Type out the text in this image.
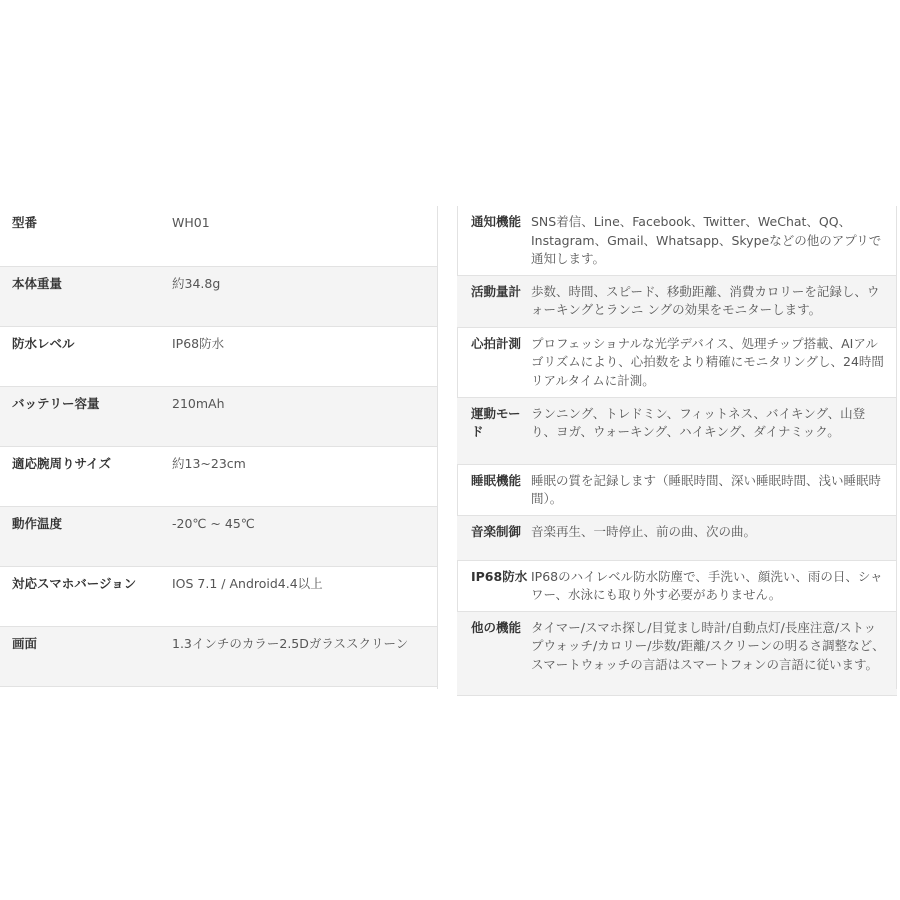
型番	WH01
本体重量	約34.8g
防水レベル	IP68防水
バッテリー容量	210mAh
適応腕周りサイズ	約13~23cm
動作温度	-20℃ ~ 45℃
対応スマホバージョン	IOS 7.1 / Android4.4以上
画面	1.3インチのカラー2.5Dガラススクリーン
通知機能	SNS着信、Line、Facebook、Twitter、WeChat、QQ、Instagram、Gmail、Whatsapp、Skypeなどの他のアプリで通知します。
活動量計	歩数、時間、スピード、移動距離、消費カロリーを記録し、ウォーキングとランニ ングの効果をモニターします。
心拍計測	プロフェッショナルな光学デバイス、処理チップ搭載、AIアルゴリズムにより、心拍数をより精確にモニタリングし、24時間リアルタイムに計測。
運動モード	ランニング、トレドミン、フィットネス、バイキング、山登り、ヨガ、ウォーキング、ハイキング、ダイナミック。
睡眠機能	睡眠の質を記録します（睡眠時間、深い睡眠時間、浅い睡眠時間）。
音楽制御	音楽再生、一時停止、前の曲、次の曲。
IP68防水	IP68のハイレベル防水防塵で、手洗い、顔洗い、雨の日、シャワー、水泳にも取り外す必要がありません。
他の機能	タイマー/スマホ探し/目覚まし時計/自動点灯/長座注意/ストップウォッチ/カロリー/歩数/距離/スクリーンの明るさ調整など、スマートウォッチの言語はスマートフォンの言語に従います。
